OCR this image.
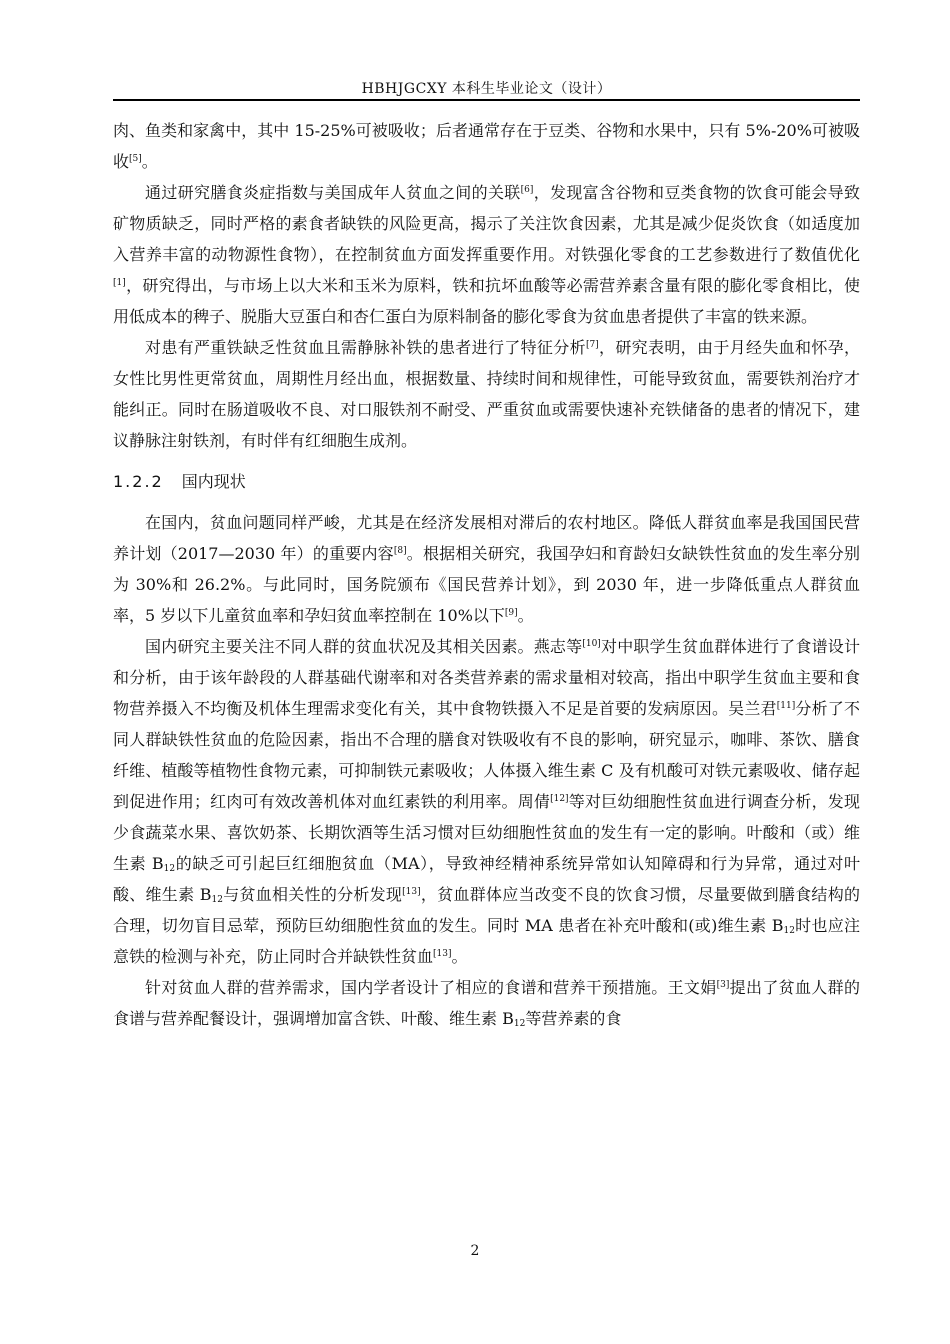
HBHJGCXY 本科生毕业论文（设计）

肉、鱼类和家禽中，其中 15-25%可被吸收；后者通常存在于豆类、谷物和水果中，只有 5%-20%可被吸收[5]。

通过研究膳食炎症指数与美国成年人贫血之间的关联[6]，发现富含谷物和豆类食物的饮食可能会导致矿物质缺乏，同时严格的素食者缺铁的风险更高，揭示了关注饮食因素，尤其是减少促炎饮食（如适度加入营养丰富的动物源性食物），在控制贫血方面发挥重要作用。对铁强化零食的工艺参数进行了数值优化[1]，研究得出，与市场上以大米和玉米为原料，铁和抗坏血酸等必需营养素含量有限的膨化零食相比，使用低成本的稗子、脱脂大豆蛋白和杏仁蛋白为原料制备的膨化零食为贫血患者提供了丰富的铁来源。

对患有严重铁缺乏性贫血且需静脉补铁的患者进行了特征分析[7]，研究表明，由于月经失血和怀孕，女性比男性更常贫血，周期性月经出血，根据数量、持续时间和规律性，可能导致贫血，需要铁剂治疗才能纠正。同时在肠道吸收不良、对口服铁剂不耐受、严重贫血或需要快速补充铁储备的患者的情况下，建议静脉注射铁剂，有时伴有红细胞生成剂。

1.2.2 国内现状

在国内，贫血问题同样严峻，尤其是在经济发展相对滞后的农村地区。降低人群贫血率是我国国民营养计划（2017—2030 年）的重要内容[8]。根据相关研究，我国孕妇和育龄妇女缺铁性贫血的发生率分别为 30%和 26.2%。与此同时，国务院颁布《国民营养计划》，到 2030 年，进一步降低重点人群贫血率，5 岁以下儿童贫血率和孕妇贫血率控制在 10%以下[9]。

国内研究主要关注不同人群的贫血状况及其相关因素。燕志等[10]对中职学生贫血群体进行了食谱设计和分析，由于该年龄段的人群基础代谢率和对各类营养素的需求量相对较高，指出中职学生贫血主要和食物营养摄入不均衡及机体生理需求变化有关，其中食物铁摄入不足是首要的发病原因。吴兰君[11]分析了不同人群缺铁性贫血的危险因素，指出不合理的膳食对铁吸收有不良的影响，研究显示，咖啡、茶饮、膳食纤维、植酸等植物性食物元素，可抑制铁元素吸收；人体摄入维生素 C 及有机酸可对铁元素吸收、储存起到促进作用；红肉可有效改善机体对血红素铁的利用率。周倩[12]等对巨幼细胞性贫血进行调查分析，发现少食蔬菜水果、喜饮奶茶、长期饮酒等生活习惯对巨幼细胞性贫血的发生有一定的影响。叶酸和（或）维生素 $B_{12}$的缺乏可引起巨红细胞贫血（MA），导致神经精神系统异常如认知障碍和行为异常，通过对叶酸、维生素 $B_{12}$与贫血相关性的分析发现[13]，贫血群体应当改变不良的饮食习惯，尽量要做到膳食结构的合理，切勿盲目忌荤，预防巨幼细胞性贫血的发生。同时 MA 患者在补充叶酸和(或)维生素 $B_{12}$时也应注意铁的检测与补充，防止同时合并缺铁性贫血[13]。

针对贫血人群的营养需求，国内学者设计了相应的食谱和营养干预措施。王文娟[3]提出了贫血人群的食谱与营养配餐设计，强调增加富含铁、叶酸、维生素 $B_{12}$等营养素的食

2
